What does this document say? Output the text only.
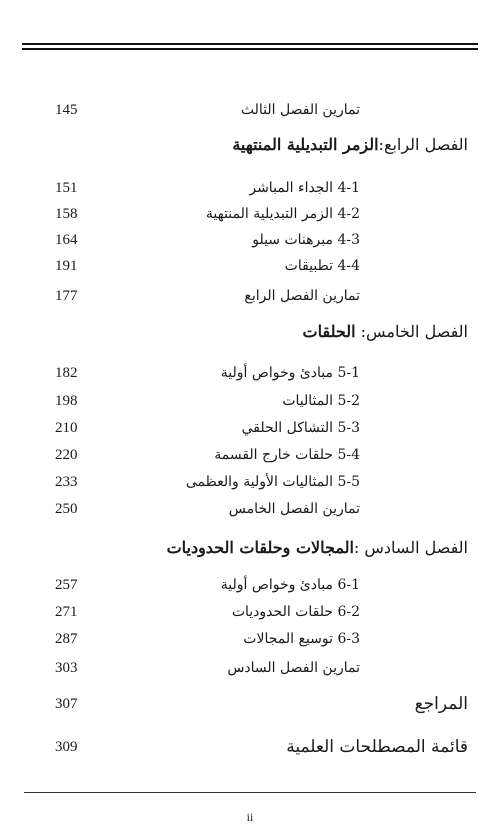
تمارين الفصل الثالث
145
الفصل الرابع:الزمر التبديلية المنتهية
4-1 الجداء المباشر
151
4-2 الزمر التبديلية المنتهية
158
4-3 مبرهنات سيلو
164
4-4 تطبيقات
191
تمارين الفصل الرابع
177
الفصل الخامس: الحلقات
5-1 مبادئ وخواص أولية
182
5-2 المثاليات
198
5-3 التشاكل الحلقي
210
5-4 حلقات خارج القسمة
220
5-5 المثاليات الأولية والعظمى
233
تمارين الفصل الخامس
250
الفصل السادس :المجالات وحلقات الحدوديات
6-1 مبادئ وخواص أولية
257
6-2 حلقات الحدوديات
271
6-3 توسيع المجالات
287
تمارين الفصل السادس
303
المراجع
307
قائمة المصطلحات العلمية
309
ii
